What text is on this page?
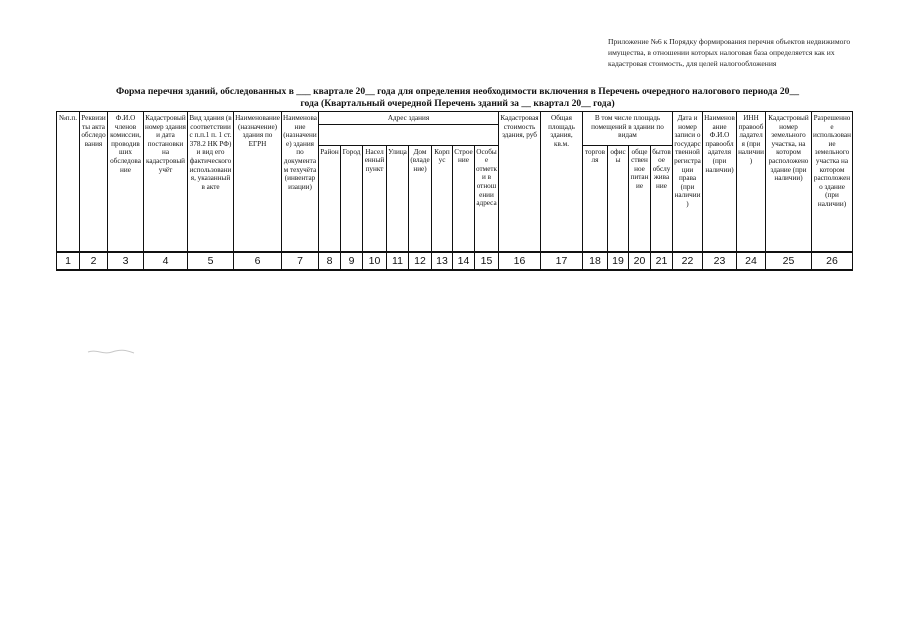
Приложение №6 к Порядку формирования перечня объектов недвижимого имущества, в отношении которых налоговая база определяется как их кадастровая стоимость, для целей налогообложения
Форма перечня зданий, обследованных в ___ квартале 20__ года для определения необходимости включения в Перечень очередного налогового периода 20__
года (Квартальный очередной Перечень зданий за __ квартал 20__ года)
№п.п.	Реквизиты акта обследования	Ф.И.О членов комиссии, проводивших обследование	Кадастровый номер здания и дата постановки на кадастровый учёт	Вид здания (в соответствии с п.п.1 п. 1 ст. 378.2 НК РФ) и вид его фактического использования, указанный в акте	Наименование (назначение) здания по ЕГРН	Наименование (назначение) здания по документам техучёта (инвентаризации)	Адрес здания								Кадастровая стоимость здания, руб	Общая площадь здания, кв.м.	В том числе площадь помещений в здании по видам				Дата и номер записи о государственной регистрации права (при наличии)	Наименование Ф.И.О правообладателя (при наличии)	ИНН правообладателя (при наличии)	Кадастровый номер земельного участка, на котором расположено здание (при наличии)	Разрешенное использование земельного участка на котором расположено здание (при наличии)

							Район	Город	Населенный пункт	Улица	Дом (владение)	Корпус	Строение	Особые отметки в отношении адреса			торговля	офисы	общественное питание	бытовое обслуживание					
1	2	3	4	5	6	7	8	9	10	11	12	13	14	15	16	17	18	19	20	21	22	23	24	25	26
